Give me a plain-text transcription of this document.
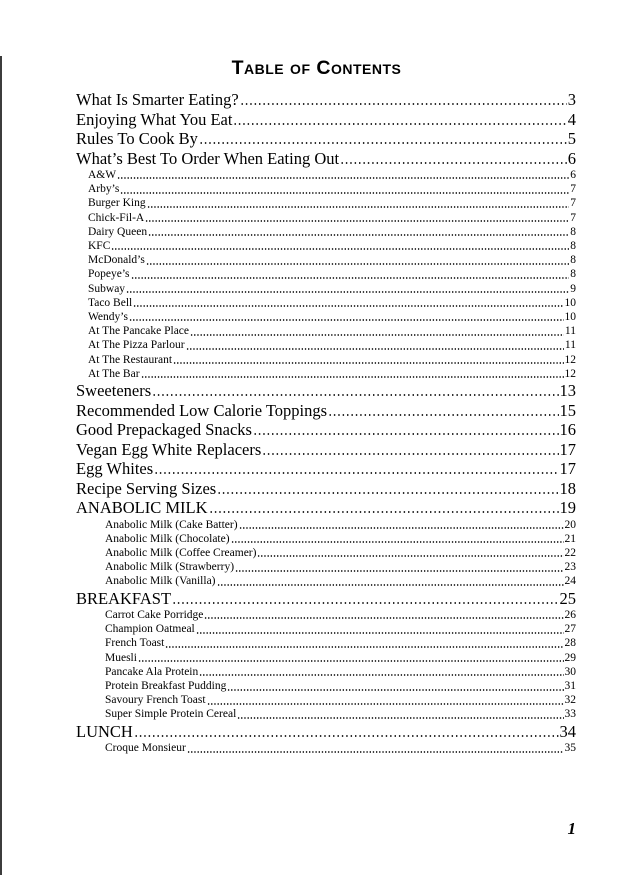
Table of Contents
What Is Smarter Eating?	3
Enjoying What You Eat	4
Rules To Cook By	5
What’s Best To Order When Eating Out	6
A&W	6
Arby’s	7
Burger King	7
Chick-Fil-A	7
Dairy Queen	8
KFC	8
McDonald’s	8
Popeye’s	8
Subway	9
Taco Bell	10
Wendy’s	10
At The Pancake Place	11
At The Pizza Parlour	11
At The Restaurant	12
At The Bar	12
Sweeteners	13
Recommended Low Calorie Toppings	15
Good Prepackaged Snacks	16
Vegan Egg White Replacers	17
Egg Whites	17
Recipe Serving Sizes	18
ANABOLIC MILK	19
Anabolic Milk (Cake Batter)	20
Anabolic Milk (Chocolate)	21
Anabolic Milk (Coffee Creamer)	22
Anabolic Milk (Strawberry)	23
Anabolic Milk (Vanilla)	24
BREAKFAST	25
Carrot Cake Porridge	26
Champion Oatmeal	27
French Toast	28
Muesli	29
Pancake Ala Protein	30
Protein Breakfast Pudding	31
Savoury French Toast	32
Super Simple Protein Cereal	33
LUNCH	34
Croque Monsieur	35
1
